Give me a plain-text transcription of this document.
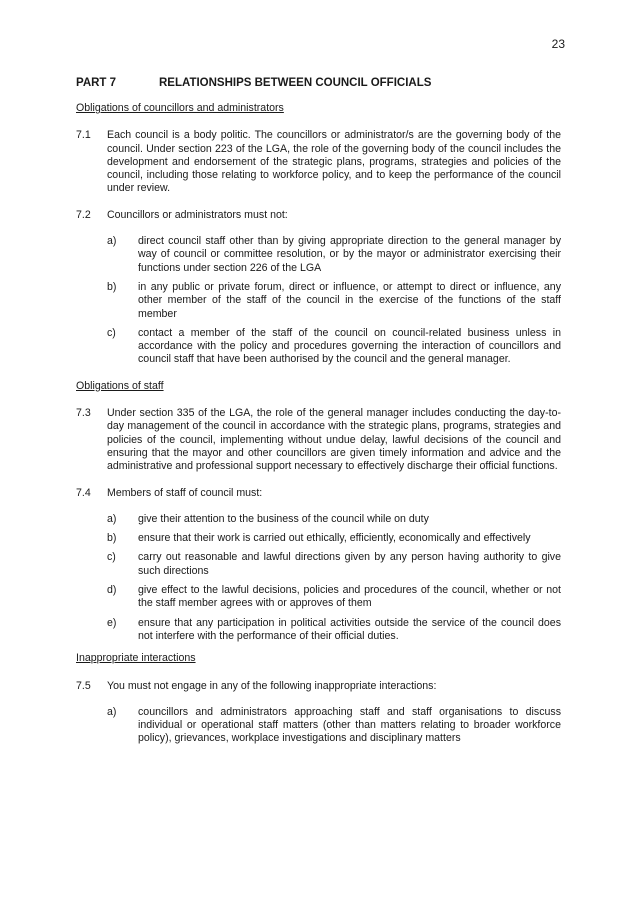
23
PART 7	RELATIONSHIPS BETWEEN COUNCIL OFFICIALS
Obligations of councillors and administrators
7.1	Each council is a body politic. The councillors or administrator/s are the governing body of the council. Under section 223 of the LGA, the role of the governing body of the council includes the development and endorsement of the strategic plans, programs, strategies and policies of the council, including those relating to workforce policy, and to keep the performance of the council under review.
7.2	Councillors or administrators must not:
a)	direct council staff other than by giving appropriate direction to the general manager by way of council or committee resolution, or by the mayor or administrator exercising their functions under section 226 of the LGA
b)	in any public or private forum, direct or influence, or attempt to direct or influence, any other member of the staff of the council in the exercise of the functions of the staff member
c)	contact a member of the staff of the council on council-related business unless in accordance with the policy and procedures governing the interaction of councillors and council staff that have been authorised by the council and the general manager.
Obligations of staff
7.3	Under section 335 of the LGA, the role of the general manager includes conducting the day-to-day management of the council in accordance with the strategic plans, programs, strategies and policies of the council, implementing without undue delay, lawful decisions of the council and ensuring that the mayor and other councillors are given timely information and advice and the administrative and professional support necessary to effectively discharge their official functions.
7.4	Members of staff of council must:
a)	give their attention to the business of the council while on duty
b)	ensure that their work is carried out ethically, efficiently, economically and effectively
c)	carry out reasonable and lawful directions given by any person having authority to give such directions
d)	give effect to the lawful decisions, policies and procedures of the council, whether or not the staff member agrees with or approves of them
e)	ensure that any participation in political activities outside the service of the council does not interfere with the performance of their official duties.
Inappropriate interactions
7.5	You must not engage in any of the following inappropriate interactions:
a)	councillors and administrators approaching staff and staff organisations to discuss individual or operational staff matters (other than matters relating to broader workforce policy), grievances, workplace investigations and disciplinary matters
